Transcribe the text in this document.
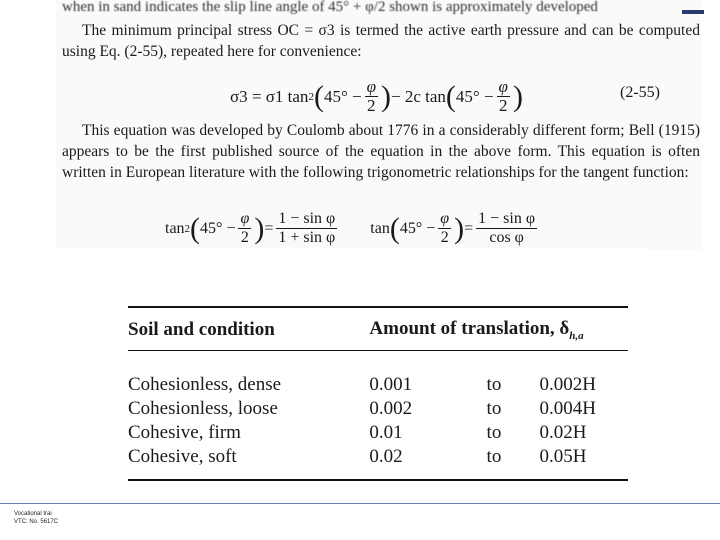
when in sand indicates the slip line angle of 45° + φ/2 shown is approximately developed
The minimum principal stress OC = σ3 is termed the active earth pressure and can be computed using Eq. (2-55), repeated here for convenience:
σ3 = σ1 tan 2 ( $45^\circ - \frac{\varphi}{2}$ ) − 2c tan ( $45^\circ - \frac{\varphi}{2}$ )	(2-55)
This equation was developed by Coulomb about 1776 in a considerably different form; Bell (1915) appears to be the first published source of the equation in the above form. This equation is often written in European literature with the following trigonometric relationships for the tangent function:
tan 2 ( $45^\circ - \frac{\varphi}{2}$ ) = $\frac{\text{1 − sin φ}}{\text{1 + sin φ}}$ tan ( $45^\circ - \frac{\varphi}{2}$ ) = $\frac{\text{1 − sin φ}}{\text{cos φ}}$
Soil and condition	Amount of translation, $\delta_{h,a}$
Cohesionless, dense	0.001	to	0.002H
Cohesionless, loose	0.002	to	0.004H
Cohesive, firm	0.01	to	0.02H
Cohesive, soft	0.02	to	0.05H
Vocational trai
VTC: No. 5617C
